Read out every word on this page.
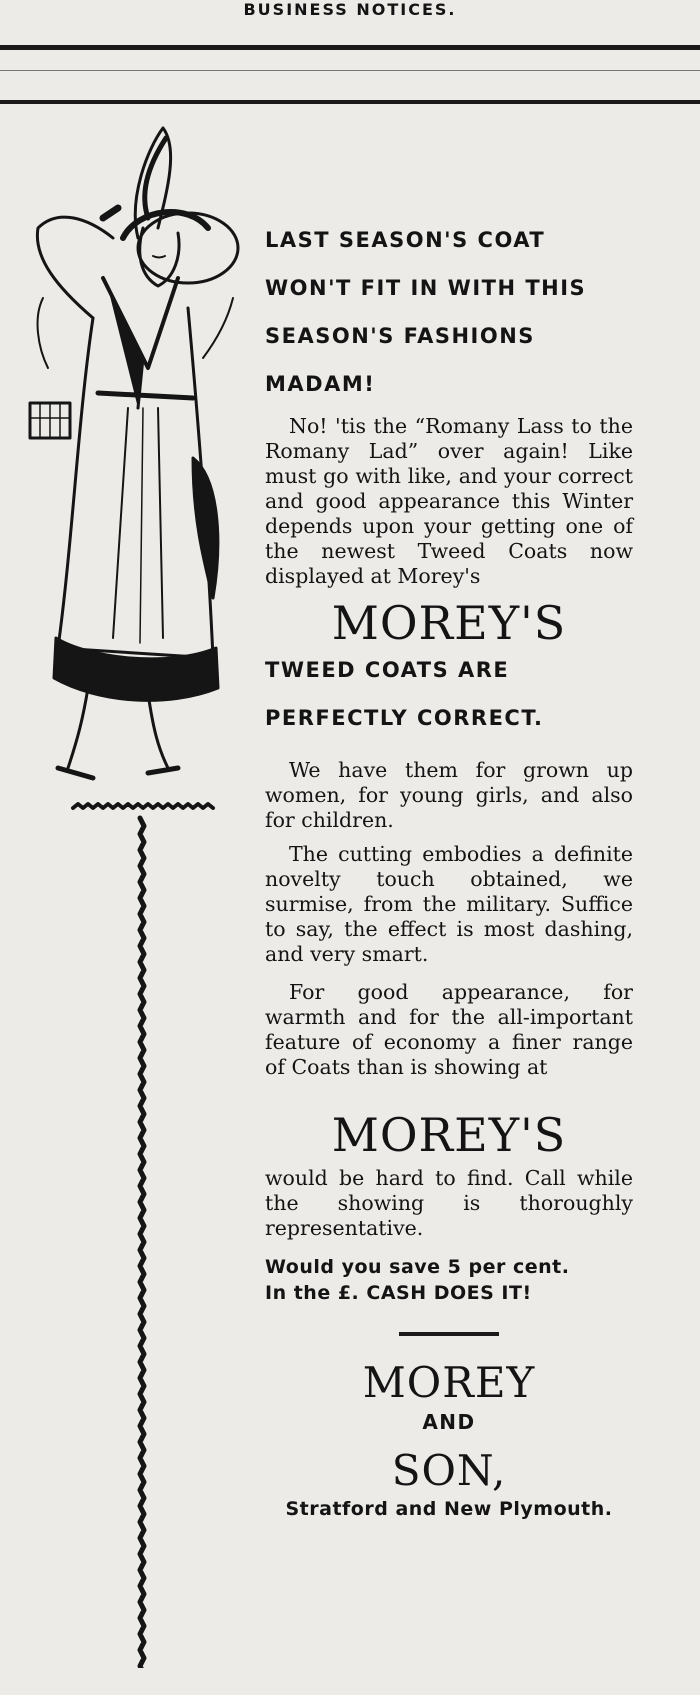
BUSINESS NOTICES.

LAST SEASON'S COAT

WON'T FIT IN WITH THIS

SEASON'S FASHIONS

MADAM!

No! 'tis the “Romany Lass to the Romany Lad” over again! Like must go with like, and your correct and good appearance this Winter depends upon your getting one of the newest Tweed Coats now displayed at Morey's

MOREY'S

TWEED COATS ARE

PERFECTLY CORRECT.

We have them for grown up women, for young girls, and also for children.

The cutting embodies a definite novelty touch obtained, we surmise, from the military. Suffice to say, the effect is most dashing, and very smart.

For good appearance, for warmth and for the all-important feature of economy a finer range of Coats than is showing at

MOREY'S

would be hard to find. Call while the showing is thoroughly representative.

Would you save 5 per cent.

In the £. CASH DOES IT!

MOREY

AND

SON,

Stratford and New Plymouth.
